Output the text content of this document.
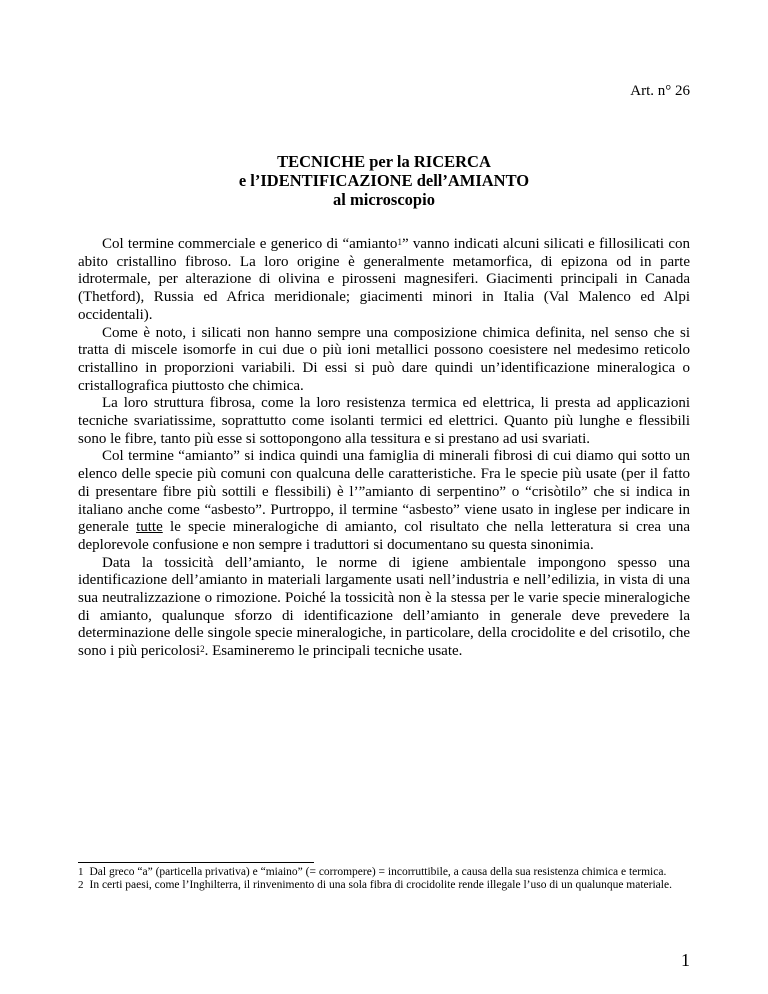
Art. n° 26
TECNICHE per la RICERCA
e l’IDENTIFICAZIONE dell’AMIANTO
al microscopio

Col termine commerciale e generico di “amianto$^1$” vanno indicati alcuni silicati e fillosilicati con abito cristallino fibroso. La loro origine è generalmente metamorfica, di epizona od in parte idrotermale, per alterazione di olivina e pirosseni magnesiferi. Giacimenti principali in Canada (Thetford), Russia ed Africa meridionale; giacimenti minori in Italia (Val Malenco ed Alpi occidentali).

Come è noto, i silicati non hanno sempre una composizione chimica definita, nel senso che si tratta di miscele isomorfe in cui due o più ioni metallici possono coesistere nel medesimo reticolo cristallino in proporzioni variabili. Di essi si può dare quindi un’identificazione mineralogica o cristallografica piuttosto che chimica.

La loro struttura fibrosa, come la loro resistenza termica ed elettrica, li presta ad applicazioni tecniche svariatissime, soprattutto come isolanti termici ed elettrici. Quanto più lunghe e flessibili sono le fibre, tanto più esse si sottopongono alla tessitura e si prestano ad usi svariati.

Col termine “amianto” si indica quindi una famiglia di minerali fibrosi di cui diamo qui sotto un elenco delle specie più comuni con qualcuna delle caratteristiche. Fra le specie più usate (per il fatto di presentare fibre più sottili e flessibili) è l’”amianto di serpentino” o “crisòtilo” che si indica in italiano anche come “asbesto”. Purtroppo, il termine “asbesto” viene usato in inglese per indicare in generale tutte le specie mineralogiche di amianto, col risultato che nella letteratura si crea una deplorevole confusione e non sempre i traduttori si documentano su questa sinonimia.

Data la tossicità dell’amianto, le norme di igiene ambientale impongono spesso una identificazione dell’amianto in materiali largamente usati nell’industria e nell’edilizia, in vista di una sua neutralizzazione o rimozione. Poiché la tossicità non è la stessa per le varie specie mineralogiche di amianto, qualunque sforzo di identificazione dell’amianto in generale deve prevedere la determinazione delle singole specie mineralogiche, in particolare, della crocidolite e del crisotilo, che sono i più pericolosi$^2$. Esamineremo le principali tecniche usate.

1 Dal greco “a” (particella privativa) e “miaino” (= corrompere) = incorruttibile, a causa della sua resistenza chimica e termica.

2 In certi paesi, come l’Inghilterra, il rinvenimento di una sola fibra di crocidolite rende illegale l’uso di un qualunque materiale.

1
